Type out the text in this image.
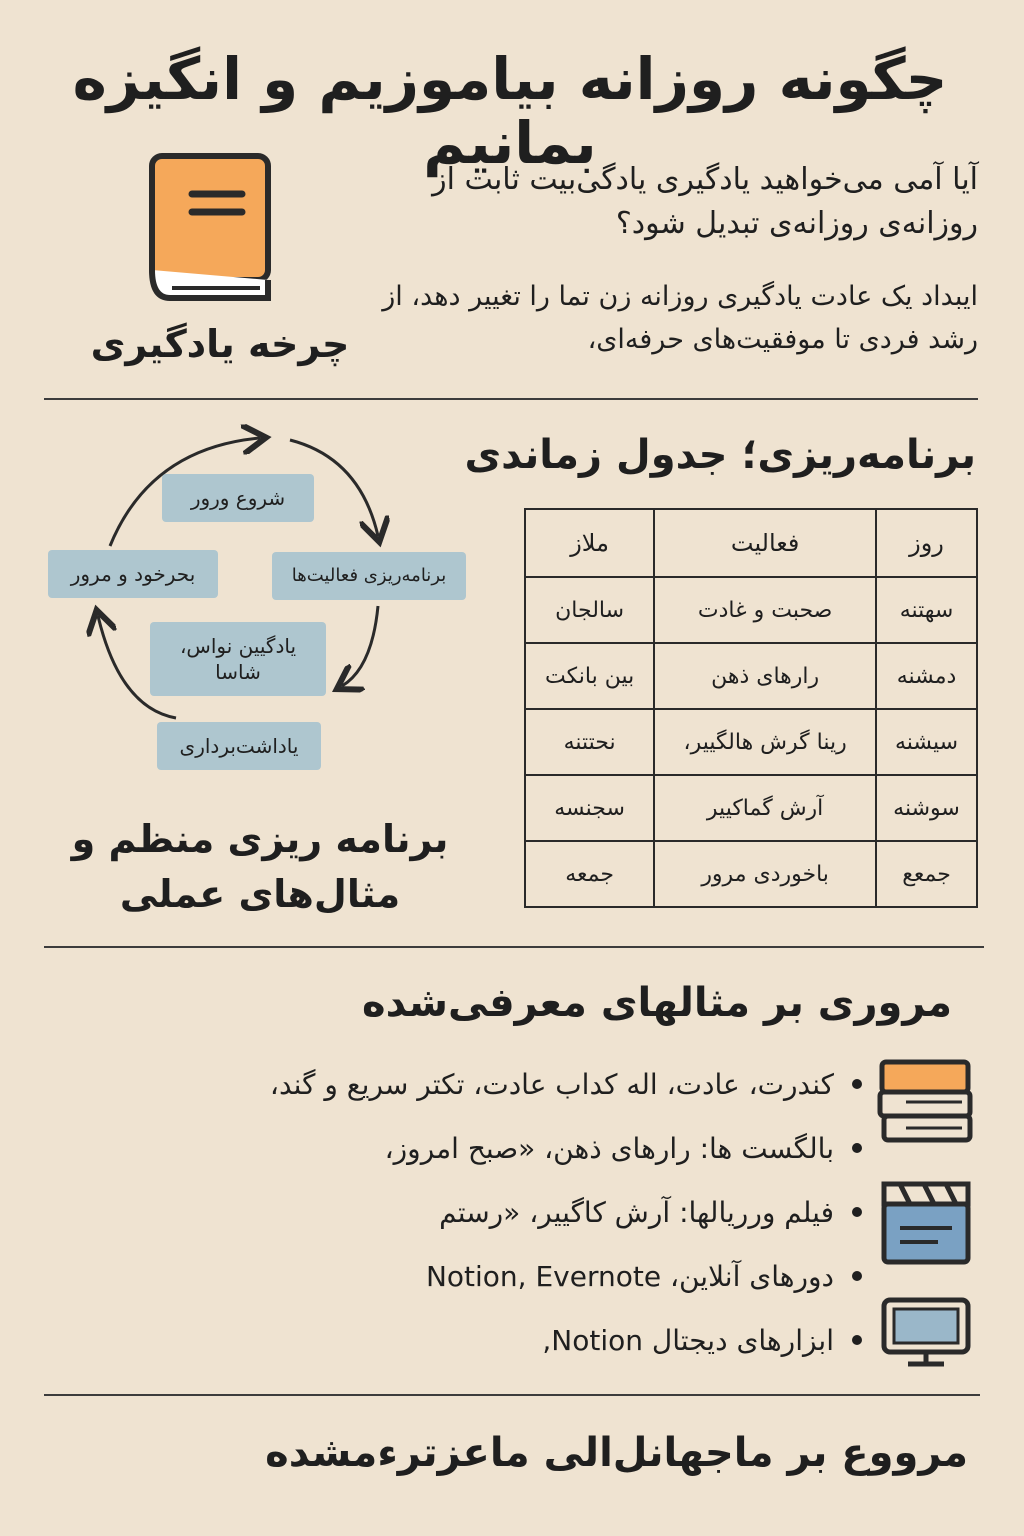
چگونه روزانه بیاموزیم و انگیزه بمانیم
چرخه یادگیری
آیا آمی می‌خواهید یادگیری یادگی‌بیت ثابت از روزانه‌ی روزانه‌ی تبدیل شود؟
ایبداد یک عادت یادگیری روزانه زن تما را تغییر دهد، از رشد فردی تا موفقیت‌های حرفه‌ای،
برنامه‌ریزی؛ جدول زماندی
شروع ورور
برنامه‌ریزی فعالیت‌ها
یادگیین نواس، شاسا
یاداشت‌برداری
بحرخود و مرور
برنامه ریزی منظم و مثال‌های عملی
روز	فعالیت	ملاز
سهتنه	صحبت و غادت	سالجان
دمشنه	رارهای ذهن	بین بانکت
سیشنه	رینا گرش هالگییر،	نحتتنه
سوشنه	آرش گماکییر	سجنسه
جمعع	باخوردی مرور	جمعه
مروری بر مثالهای معرفی‌شده
کندرت، عادت، اله کداب عادت، تکتر سریع و گند،
بالگست ها: رارهای ذهن، «صبح امروز،
فیلم ورریالها: آرش کاگییر، «رستم
دورهای آنلاین، Notion, Evernote
ابزارهای دیجتال Notion,
مرووع بر ماجهانل‌الی ماعزترءمشده
